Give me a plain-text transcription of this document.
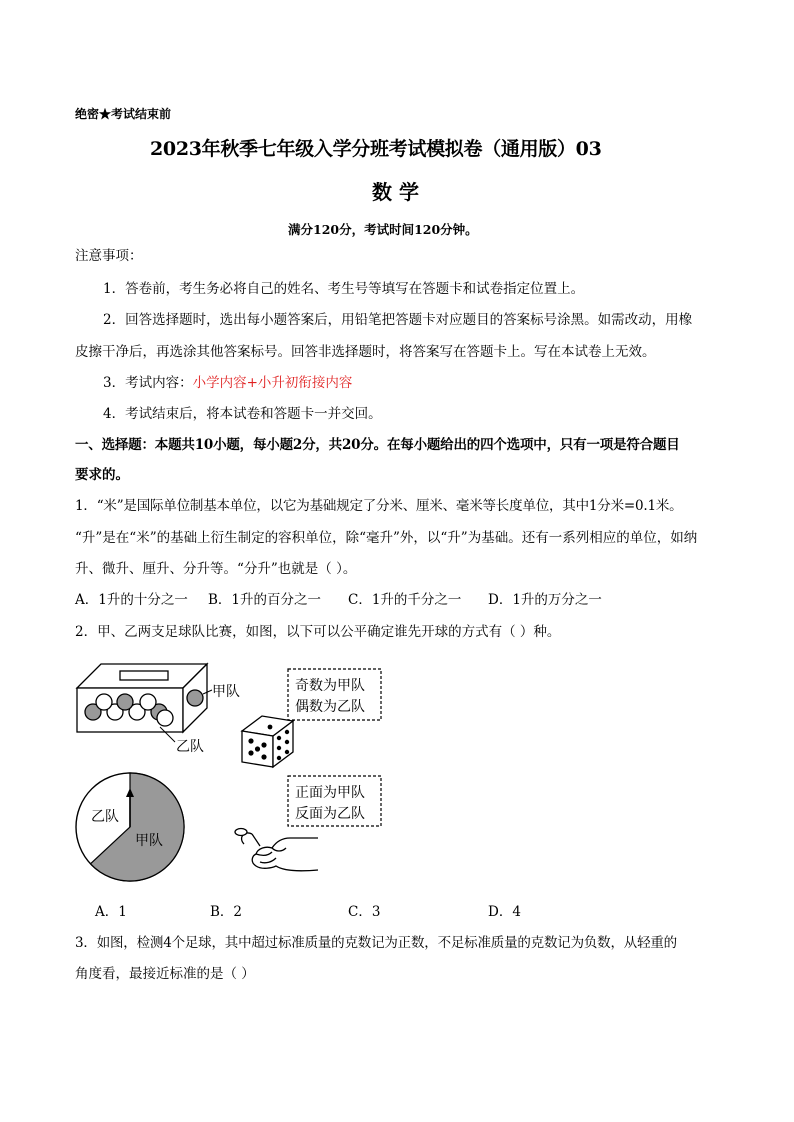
绝密★考试结束前
2023年秋季七年级入学分班考试模拟卷（通用版）03
数 学
满分120分，考试时间120分钟。
注意事项：
1．答卷前，考生务必将自己的姓名、考生号等填写在答题卡和试卷指定位置上。
2．回答选择题时，选出每小题答案后，用铅笔把答题卡对应题目的答案标号涂黑。如需改动，用橡
皮擦干净后，再选涂其他答案标号。回答非选择题时，将答案写在答题卡上。写在本试卷上无效。
3．考试内容：小学内容+小升初衔接内容
4．考试结束后，将本试卷和答题卡一并交回。
一、选择题：本题共10小题，每小题2分，共20分。在每小题给出的四个选项中，只有一项是符合题目
要求的。
1．“米”是国际单位制基本单位，以它为基础规定了分米、厘米、毫米等长度单位，其中1分米=0.1米。
“升”是在“米”的基础上衍生制定的容积单位，除“毫升”外，以“升”为基础。还有一系列相应的单位，如纳
升、微升、厘升、分升等。“分升”也就是（ ）。
A．1升的十分之一 B．1升的百分之一 C．1升的千分之一 D．1升的万分之一
2．甲、乙两支足球队比赛，如图，以下可以公平确定谁先开球的方式有（ ）种。
甲队
乙队
奇数为甲队
偶数为乙队
乙队
甲队
正面为甲队
反面为乙队
A．1	B．2	C．3	D．4
3．如图，检测4个足球，其中超过标准质量的克数记为正数，不足标准质量的克数记为负数，从轻重的
角度看，最接近标准的是（ ）
